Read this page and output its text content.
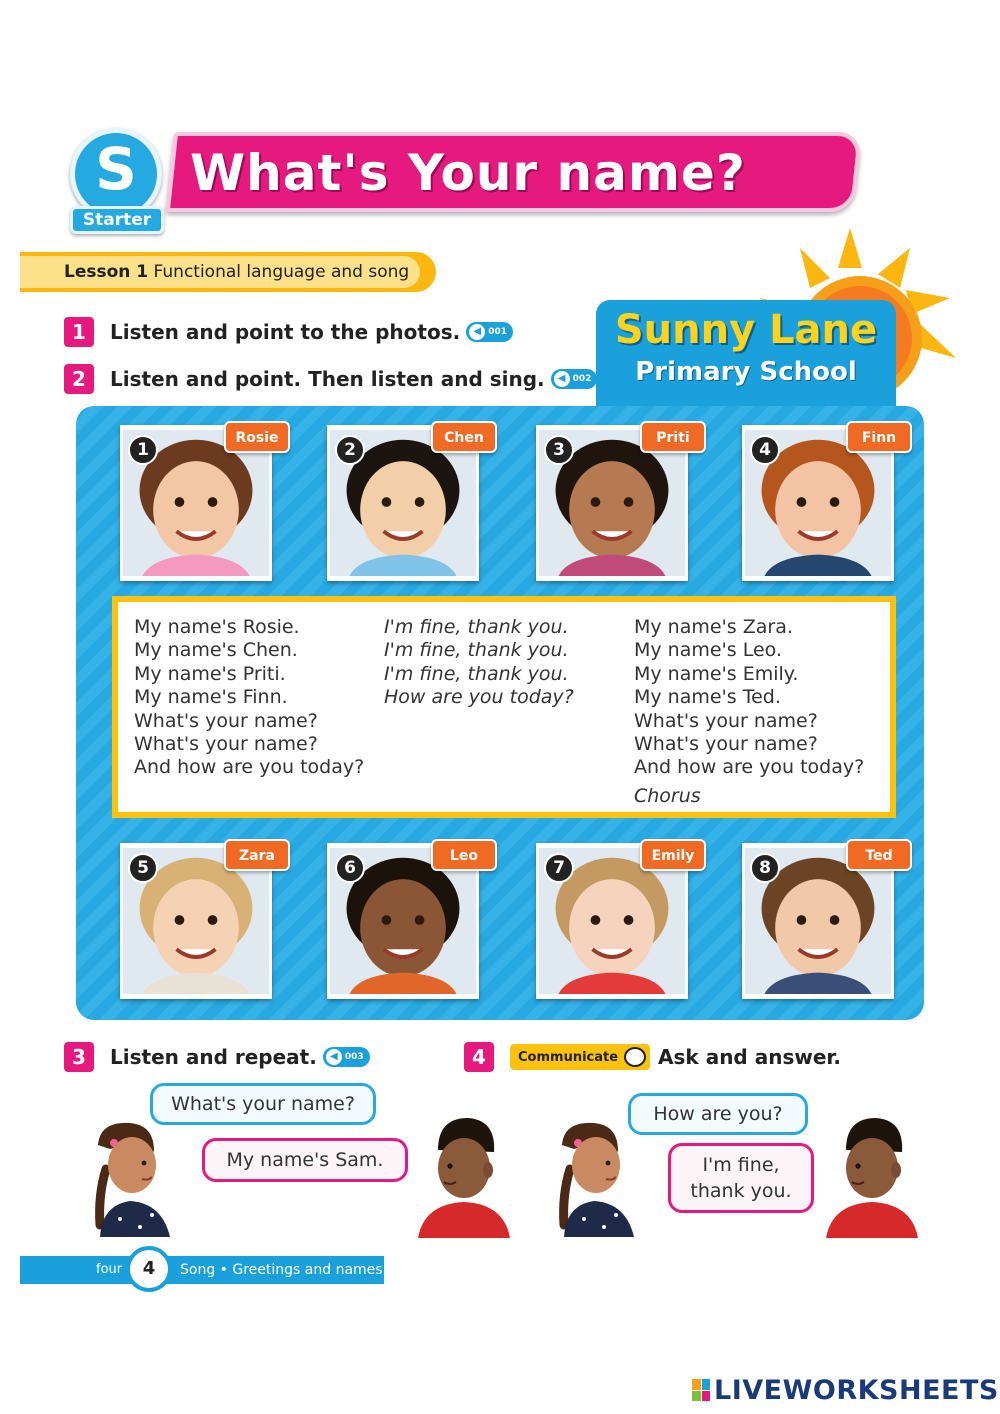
S
Starter
What's Your name?
Lesson 1 Functional language and song
Sunny Lane
Primary School
1	Listen and point to the photos.	◀ 001
2	Listen and point. Then listen and sing.	◀ 002
1
Rosie
2
Chen
3
Priti
4
Finn
5
Zara
6
Leo
7
Emily
8
Ted
My name's Rosie.
My name's Chen.
My name's Priti.
My name's Finn.
What's your name?
What's your name?
And how are you today?
I'm fine, thank you.
I'm fine, thank you.
I'm fine, thank you.
How are you today?
My name's Zara.
My name's Leo.
My name's Emily.
My name's Ted.
What's your name?
What's your name?
And how are you today?
Chorus
3	Listen and repeat.	◀ 003	4	Communicate Ask and answer.
What's your name?
My name's Sam.
How are you?
I'm fine,
thank you.
four	4	Song • Greetings and names
LIVEWORKSHEETS
